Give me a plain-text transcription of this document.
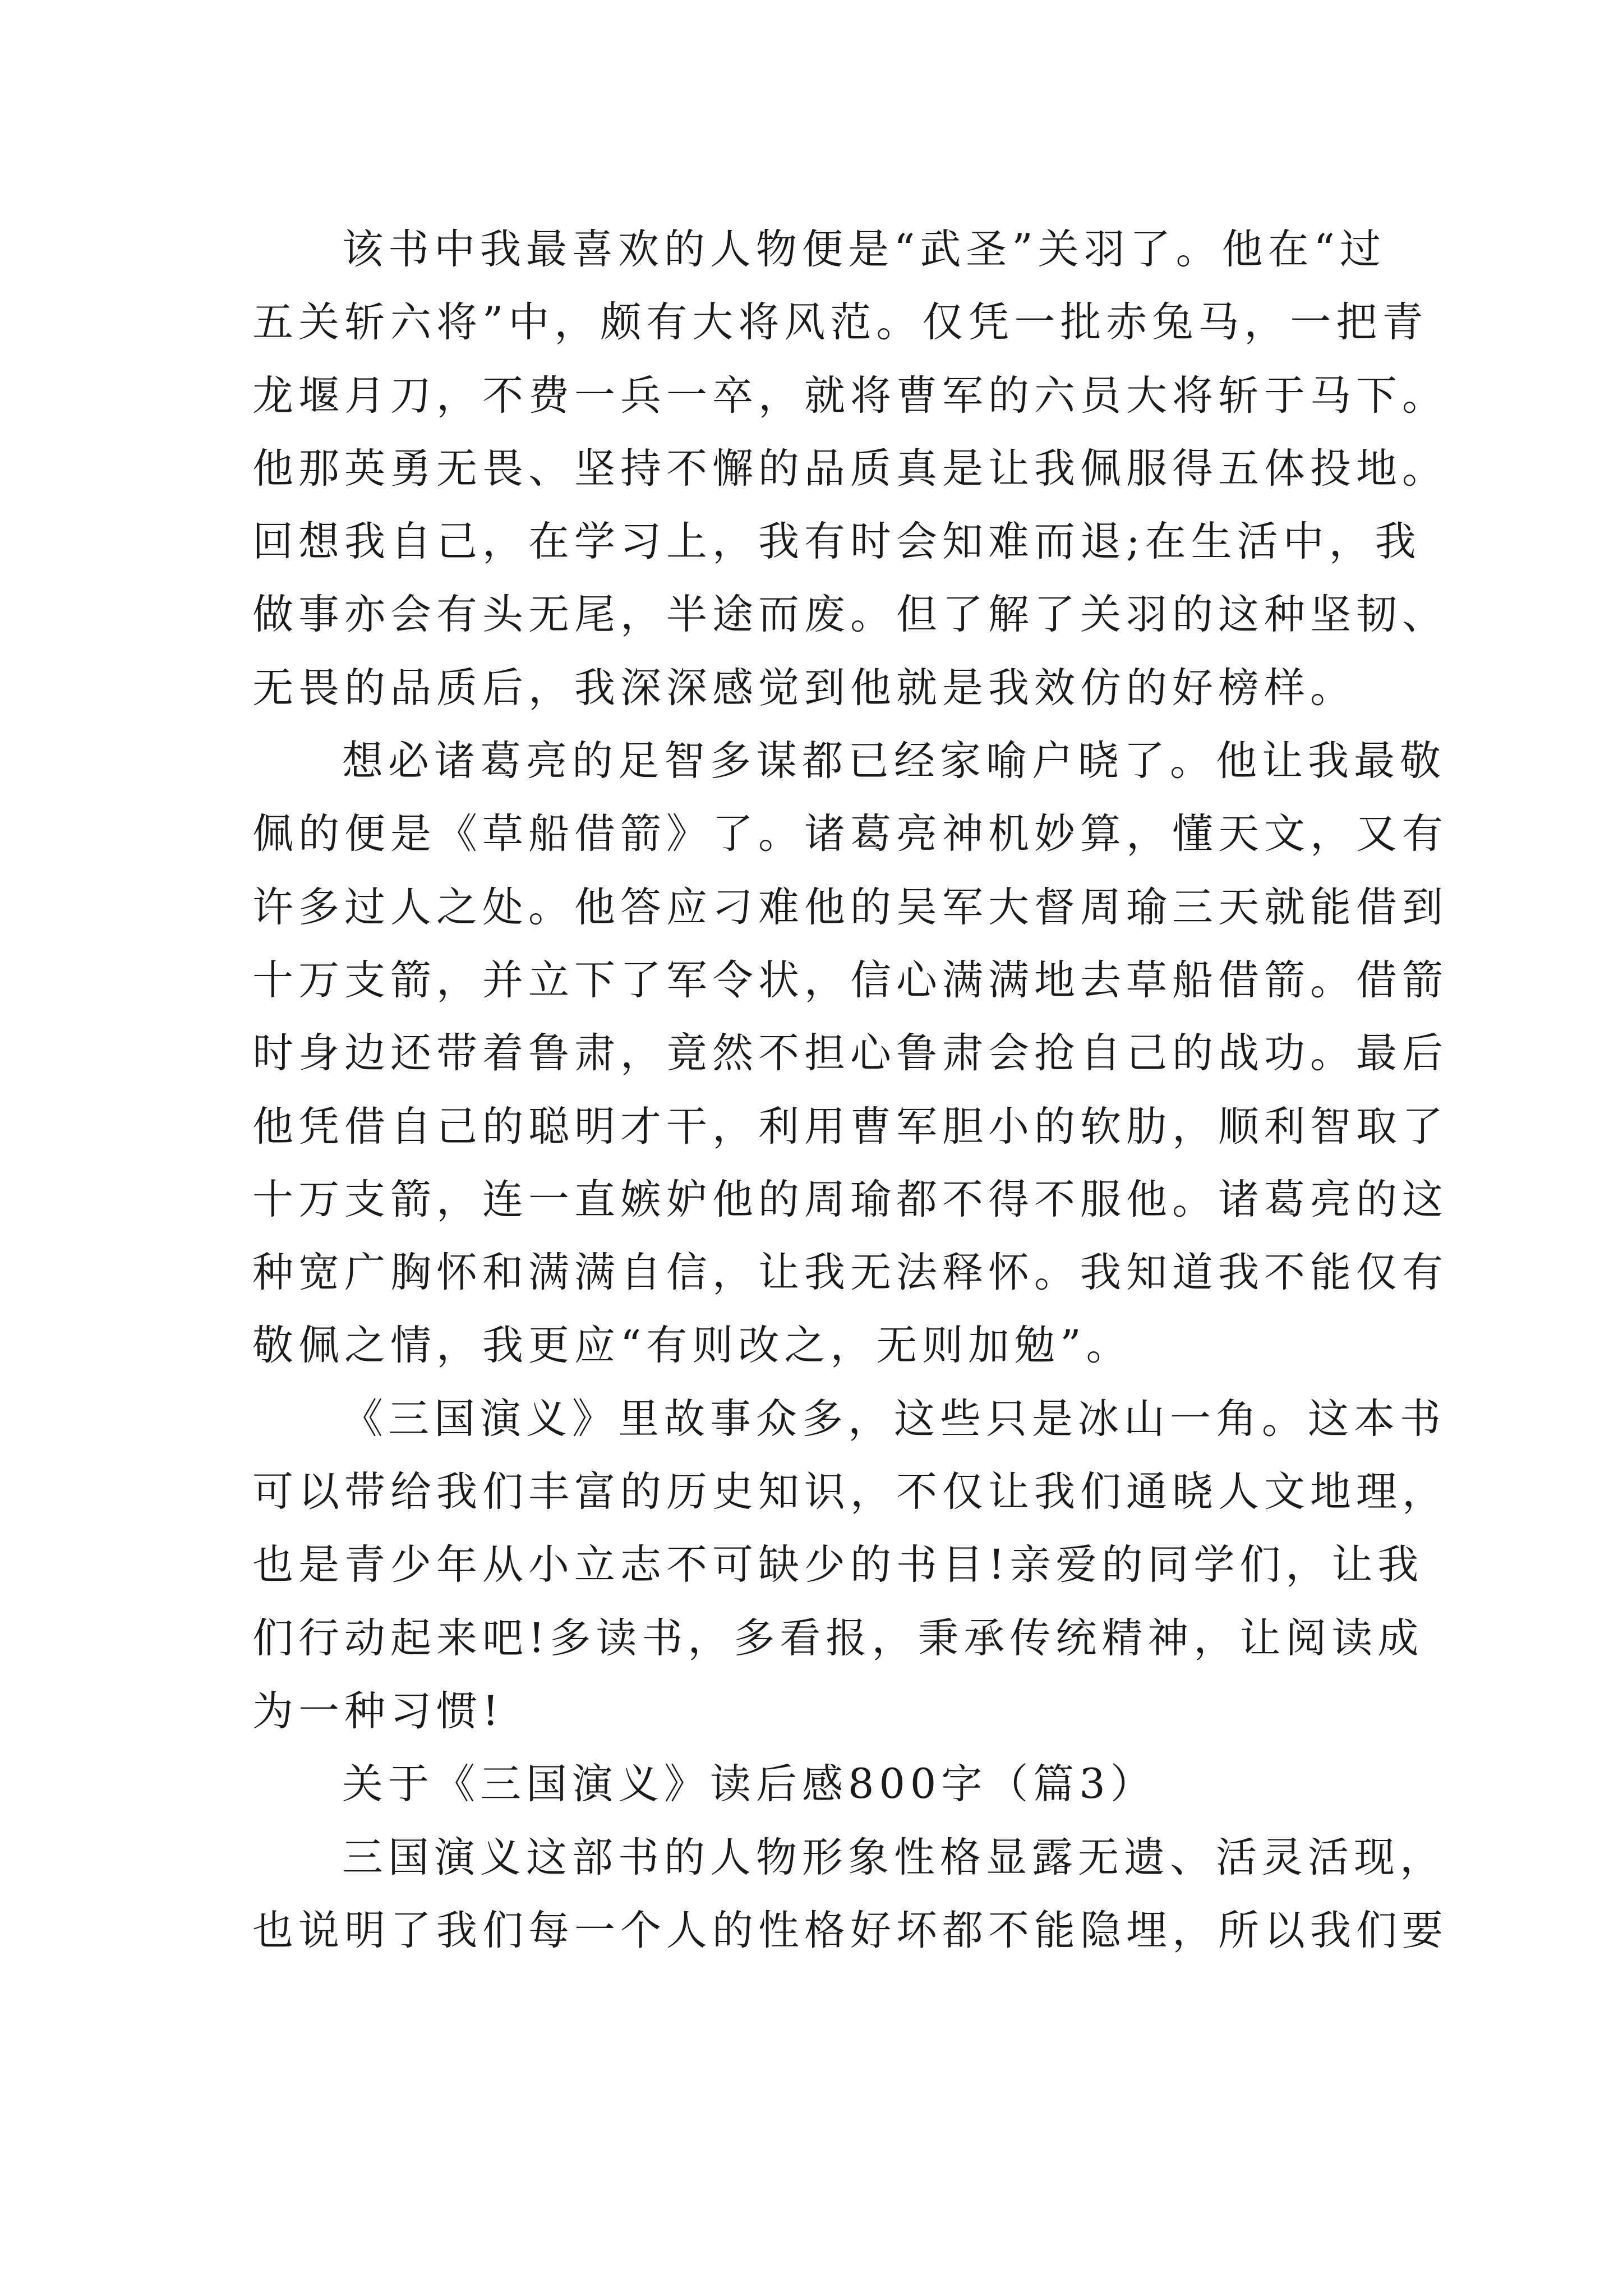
该书中我最喜欢的人物便是“武圣”关羽了。他在“过
五关斩六将”中，颇有大将风范。仅凭一批赤兔马，一把青
龙堰月刀，不费一兵一卒，就将曹军的六员大将斩于马下。
他那英勇无畏、坚持不懈的品质真是让我佩服得五体投地。
回想我自己，在学习上，我有时会知难而退;在生活中，我
做事亦会有头无尾，半途而废。但了解了关羽的这种坚韧、
无畏的品质后，我深深感觉到他就是我效仿的好榜样。
想必诸葛亮的足智多谋都已经家喻户晓了。他让我最敬
佩的便是《草船借箭》了。诸葛亮神机妙算，懂天文，又有
许多过人之处。他答应刁难他的吴军大督周瑜三天就能借到
十万支箭，并立下了军令状，信心满满地去草船借箭。借箭
时身边还带着鲁肃，竟然不担心鲁肃会抢自己的战功。最后
他凭借自己的聪明才干，利用曹军胆小的软肋，顺利智取了
十万支箭，连一直嫉妒他的周瑜都不得不服他。诸葛亮的这
种宽广胸怀和满满自信，让我无法释怀。我知道我不能仅有
敬佩之情，我更应“有则改之，无则加勉”。
《三国演义》里故事众多，这些只是冰山一角。这本书
可以带给我们丰富的历史知识，不仅让我们通晓人文地理，
也是青少年从小立志不可缺少的书目!亲爱的同学们，让我
们行动起来吧!多读书，多看报，秉承传统精神，让阅读成
为一种习惯!
关于《三国演义》读后感800字（篇3）
三国演义这部书的人物形象性格显露无遗、活灵活现，
也说明了我们每一个人的性格好坏都不能隐埋，所以我们要
